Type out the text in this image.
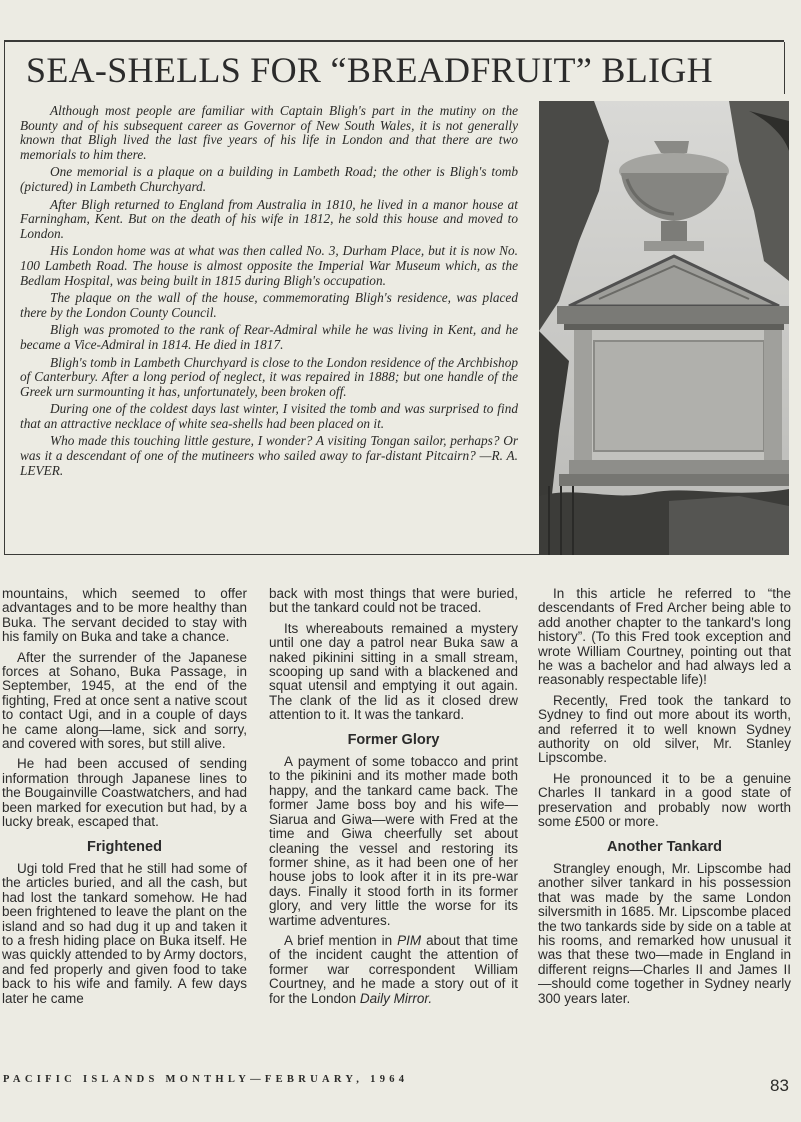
SEA-SHELLS FOR “BREADFRUIT” BLIGH

Although most people are familiar with Captain Bligh's part in the mutiny on the Bounty and of his subsequent career as Governor of New South Wales, it is not generally known that Bligh lived the last five years of his life in London and that there are two memorials to him there.

One memorial is a plaque on a building in Lambeth Road; the other is Bligh's tomb (pictured) in Lambeth Churchyard.

After Bligh returned to England from Australia in 1810, he lived in a manor house at Farningham, Kent. But on the death of his wife in 1812, he sold this house and moved to London.

His London home was at what was then called No. 3, Durham Place, but it is now No. 100 Lambeth Road. The house is almost opposite the Imperial War Museum which, as the Bedlam Hospital, was being built in 1815 during Bligh's occupation.

The plaque on the wall of the house, commemorating Bligh's residence, was placed there by the London County Council.

Bligh was promoted to the rank of Rear-Admiral while he was living in Kent, and he became a Vice-Admiral in 1814. He died in 1817.

Bligh's tomb in Lambeth Churchyard is close to the London residence of the Archbishop of Canterbury. After a long period of neglect, it was repaired in 1888; but one handle of the Greek urn surmounting it has, unfortunately, been broken off.

During one of the coldest days last winter, I visited the tomb and was surprised to find that an attractive necklace of white sea-shells had been placed on it.

Who made this touching little gesture, I wonder? A visiting Tongan sailor, perhaps? Or was it a descendant of one of the mutineers who sailed away to far-distant Pitcairn? —R. A. LEVER.

mountains, which seemed to offer advantages and to be more healthy than Buka. The servant decided to stay with his family on Buka and take a chance.

After the surrender of the Japanese forces at Sohano, Buka Passage, in September, 1945, at the end of the fighting, Fred at once sent a native scout to contact Ugi, and in a couple of days he came along—lame, sick and sorry, and covered with sores, but still alive.

He had been accused of sending information through Japanese lines to the Bougainville Coastwatchers, and had been marked for execution but had, by a lucky break, escaped that.

Frightened

Ugi told Fred that he still had some of the articles buried, and all the cash, but had lost the tankard somehow. He had been frightened to leave the plant on the island and so had dug it up and taken it to a fresh hiding place on Buka itself. He was quickly attended to by Army doctors, and fed properly and given food to take back to his wife and family. A few days later he came

back with most things that were buried, but the tankard could not be traced.

Its whereabouts remained a mystery until one day a patrol near Buka saw a naked pikinini sitting in a small stream, scooping up sand with a blackened and squat utensil and emptying it out again. The clank of the lid as it closed drew attention to it. It was the tankard.

Former Glory

A payment of some tobacco and print to the pikinini and its mother made both happy, and the tankard came back. The former Jame boss boy and his wife—Siarua and Giwa—were with Fred at the time and Giwa cheerfully set about cleaning the vessel and restoring its former shine, as it had been one of her house jobs to look after it in its pre-war days. Finally it stood forth in its former glory, and very little the worse for its wartime adventures.

A brief mention in PIM about that time of the incident caught the attention of former war correspondent William Courtney, and he made a story out of it for the London Daily Mirror.

In this article he referred to “the descendants of Fred Archer being able to add another chapter to the tankard's long history”. (To this Fred took exception and wrote William Courtney, pointing out that he was a bachelor and had always led a reasonably respectable life)!

Recently, Fred took the tankard to Sydney to find out more about its worth, and referred it to well known Sydney authority on old silver, Mr. Stanley Lipscombe.

He pronounced it to be a genuine Charles II tankard in a good state of preservation and probably now worth some £500 or more.

Another Tankard

Strangley enough, Mr. Lipscombe had another silver tankard in his possession that was made by the same London silversmith in 1685. Mr. Lipscombe placed the two tankards side by side on a table at his rooms, and remarked how unusual it was that these two—made in England in different reigns—Charles II and James II—should come together in Sydney nearly 300 years later.

PACIFIC ISLANDS MONTHLY—FEBRUARY, 1964	83
